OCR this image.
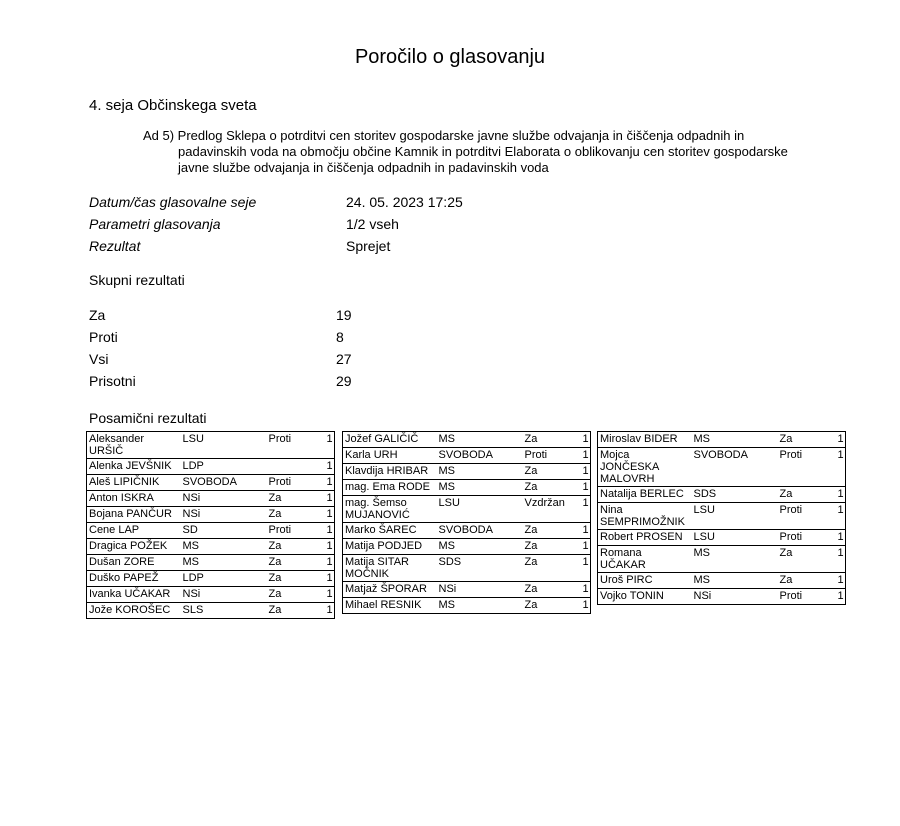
Poročilo o glasovanju
4. seja Občinskega sveta
Ad 5) Predlog Sklepa o potrditvi cen storitev gospodarske javne službe odvajanja in čiščenja odpadnih in
padavinskih voda na območju občine Kamnik in potrditvi Elaborata o oblikovanju cen storitev gospodarske
javne službe odvajanja in čiščenja odpadnih in padavinskih voda
Datum/čas glasovalne seje	24. 05. 2023 17:25
Parametri glasovanja	1/2 vseh
Rezultat	Sprejet
Skupni rezultati
Za	19
Proti	8
Vsi	27
Prisotni	29
Posamični rezultati
Aleksander URŠIČ	LSU	Proti	1

Alenka JEVŠNIK	LDP		1

Aleš LIPIČNIK	SVOBODA	Proti	1

Anton ISKRA	NSi	Za	1

Bojana PANČUR	NSi	Za	1

Cene LAP	SD	Proti	1

Dragica POŽEK	MS	Za	1

Dušan ZORE	MS	Za	1

Duško PAPEŽ	LDP	Za	1

Ivanka UČAKAR	NSi	Za	1

Jože KOROŠEC	SLS	Za	1
Jožef GALIČIČ	MS	Za	1

Karla URH	SVOBODA	Proti	1

Klavdija HRIBAR	MS	Za	1

mag. Ema RODE	MS	Za	1

mag. Šemso MUJANOVIĆ	LSU	Vzdržan	1

Marko ŠAREC	SVOBODA	Za	1

Matija PODJED	MS	Za	1

Matija SITAR MOČNIK	SDS	Za	1

Matjaž ŠPORAR	NSi	Za	1

Mihael RESNIK	MS	Za	1
Miroslav BIDER	MS	Za	1

Mojca JONČESKA MALOVRH	SVOBODA	Proti	1

Natalija BERLEC	SDS	Za	1

Nina SEMPRIMOŽNIK	LSU	Proti	1

Robert PROSEN	LSU	Proti	1

Romana UČAKAR	MS	Za	1

Uroš PIRC	MS	Za	1

Vojko TONIN	NSi	Proti	1
